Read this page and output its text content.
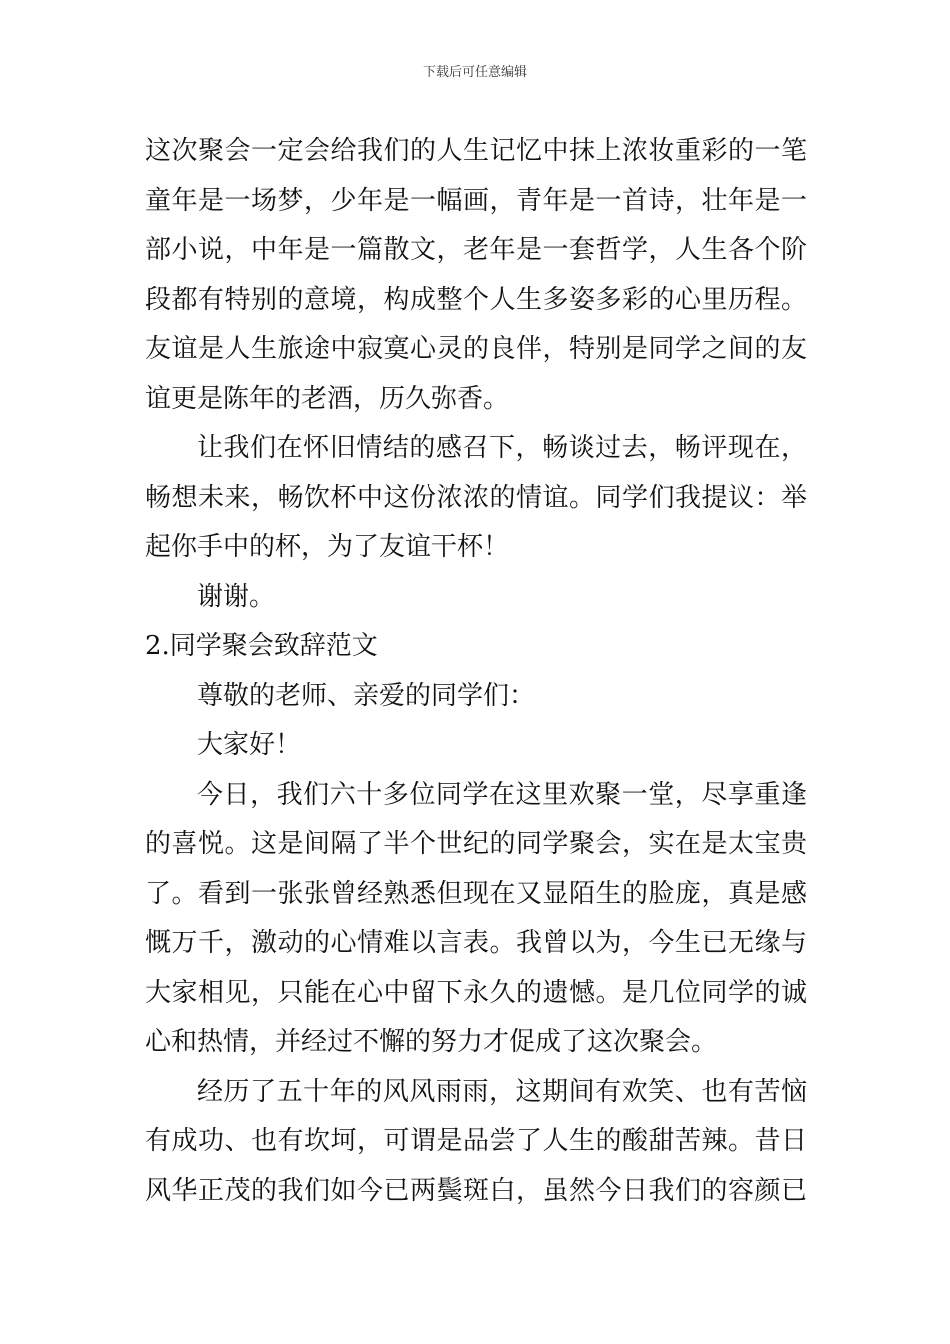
下载后可任意编辑
这次聚会一定会给我们的人生记忆中抹上浓妆重彩的一笔
童年是一场梦，少年是一幅画，青年是一首诗，壮年是一
部小说，中年是一篇散文，老年是一套哲学，人生各个阶
段都有特别的意境，构成整个人生多姿多彩的心里历程。
友谊是人生旅途中寂寞心灵的良伴，特别是同学之间的友
谊更是陈年的老酒，历久弥香。
让我们在怀旧情结的感召下，畅谈过去，畅评现在，
畅想未来，畅饮杯中这份浓浓的情谊。同学们我提议：举
起你手中的杯，为了友谊干杯！
谢谢。
2.同学聚会致辞范文
尊敬的老师、亲爱的同学们：
大家好！
今日，我们六十多位同学在这里欢聚一堂，尽享重逢
的喜悦。这是间隔了半个世纪的同学聚会，实在是太宝贵
了。看到一张张曾经熟悉但现在又显陌生的脸庞，真是感
慨万千，激动的心情难以言表。我曾以为，今生已无缘与
大家相见，只能在心中留下永久的遗憾。是几位同学的诚
心和热情，并经过不懈的努力才促成了这次聚会。
经历了五十年的风风雨雨，这期间有欢笑、也有苦恼
有成功、也有坎坷，可谓是品尝了人生的酸甜苦辣。昔日
风华正茂的我们如今已两鬓斑白，虽然今日我们的容颜已
